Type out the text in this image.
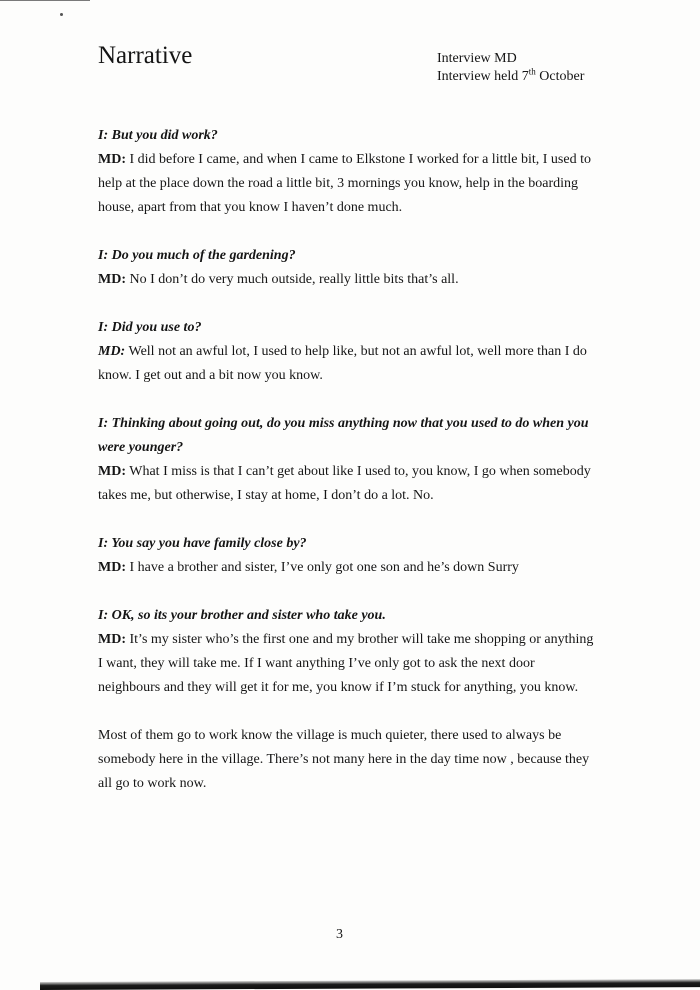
Narrative	Interview MD
Interview held 7th October

I: But you did work?

MD: I did before I came, and when I came to Elkstone I worked for a little bit, I used to help at the place down the road a little bit, 3 mornings you know, help in the boarding house, apart from that you know I haven’t done much.

I: Do you much of the gardening?

MD: No I don’t do very much outside, really little bits that’s all.

I: Did you use to?

MD: Well not an awful lot, I used to help like, but not an awful lot, well more than I do know. I get out and a bit now you know.

I: Thinking about going out, do you miss anything now that you used to do when you were younger?

MD: What I miss is that I can’t get about like I used to, you know, I go when somebody takes me, but otherwise, I stay at home, I don’t do a lot. No.

I: You say you have family close by?

MD: I have a brother and sister, I’ve only got one son and he’s down Surry

I: OK, so its your brother and sister who take you.

MD: It’s my sister who’s the first one and my brother will take me shopping or anything I want, they will take me. If I want anything I’ve only got to ask the next door neighbours and they will get it for me, you know if I’m stuck for anything, you know.

Most of them go to work know the village is much quieter, there used to always be somebody here in the village. There’s not many here in the day time now , because they all go to work now.

3
